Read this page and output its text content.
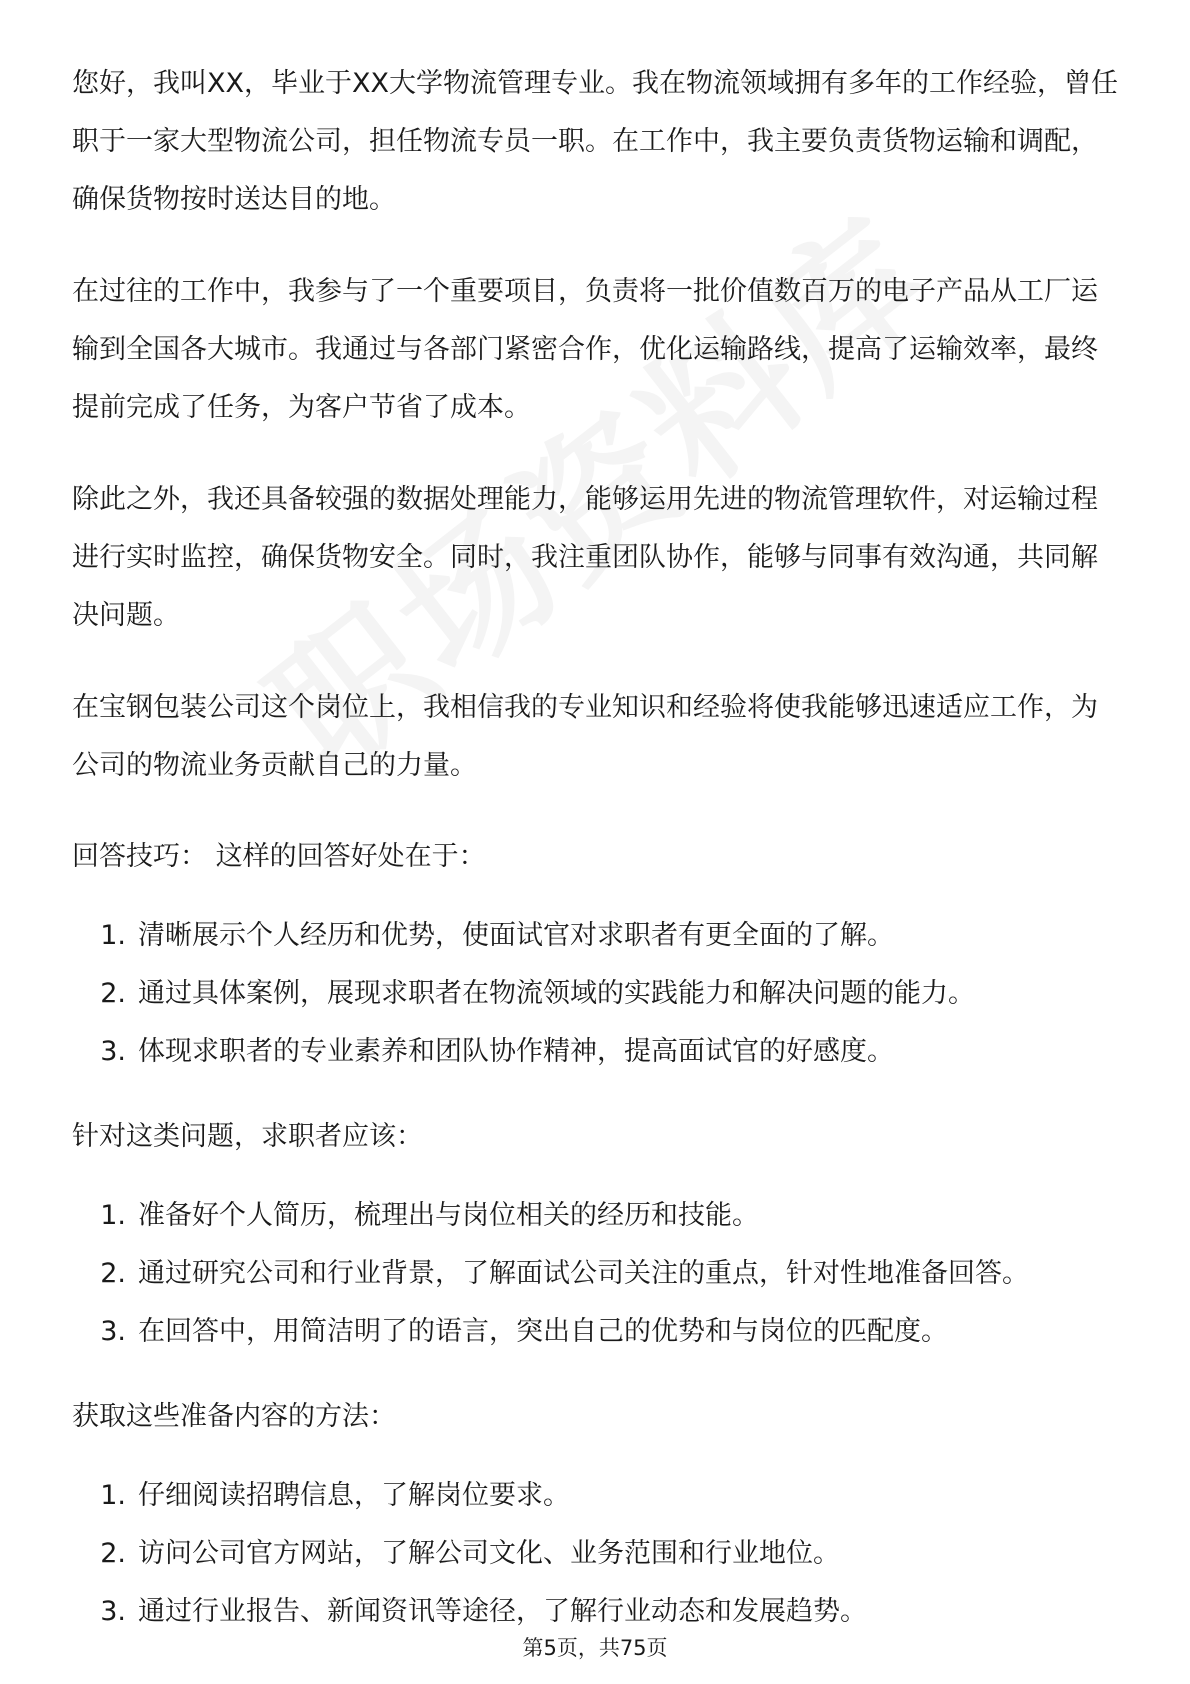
您好，我叫XX，毕业于XX大学物流管理专业。我在物流领域拥有多年的工作经验，曾任职于一家大型物流公司，担任物流专员一职。在工作中，我主要负责货物运输和调配，确保货物按时送达目的地。

在过往的工作中，我参与了一个重要项目，负责将一批价值数百万的电子产品从工厂运输到全国各大城市。我通过与各部门紧密合作，优化运输路线，提高了运输效率，最终提前完成了任务，为客户节省了成本。

除此之外，我还具备较强的数据处理能力，能够运用先进的物流管理软件，对运输过程进行实时监控，确保货物安全。同时，我注重团队协作，能够与同事有效沟通，共同解决问题。

在宝钢包装公司这个岗位上，我相信我的专业知识和经验将使我能够迅速适应工作，为公司的物流业务贡献自己的力量。

回答技巧： 这样的回答好处在于：

1. 清晰展示个人经历和优势，使面试官对求职者有更全面的了解。
2. 通过具体案例，展现求职者在物流领域的实践能力和解决问题的能力。
3. 体现求职者的专业素养和团队协作精神，提高面试官的好感度。

针对这类问题，求职者应该：

1. 准备好个人简历，梳理出与岗位相关的经历和技能。
2. 通过研究公司和行业背景，了解面试公司关注的重点，针对性地准备回答。
3. 在回答中，用简洁明了的语言，突出自己的优势和与岗位的匹配度。

获取这些准备内容的方法：

1. 仔细阅读招聘信息，了解岗位要求。
2. 访问公司官方网站，了解公司文化、业务范围和行业地位。
3. 通过行业报告、新闻资讯等途径，了解行业动态和发展趋势。
第5页，共75页
